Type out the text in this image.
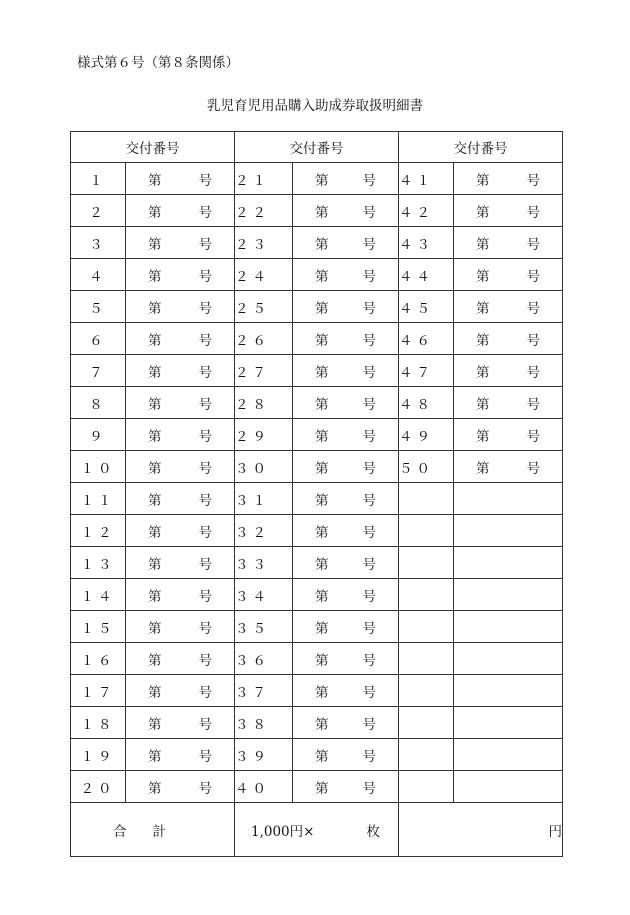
様式第６号（第８条関係）
乳児育児用品購入助成券取扱明細書
交付番号		交付番号		交付番号	
１	第 号	２１	第 号	４１	第 号

２	第 号	２２	第 号	４２	第 号

３	第 号	２３	第 号	４３	第 号

４	第 号	２４	第 号	４４	第 号

５	第 号	２５	第 号	４５	第 号

６	第 号	２６	第 号	４６	第 号

７	第 号	２７	第 号	４７	第 号

８	第 号	２８	第 号	４８	第 号

９	第 号	２９	第 号	４９	第 号

１０	第 号	３０	第 号	５０	第 号

１１	第 号	３１	第 号		

１２	第 号	３２	第 号		

１３	第 号	３３	第 号		

１４	第 号	３４	第 号		

１５	第 号	３５	第 号		

１６	第 号	３６	第 号		

１７	第 号	３７	第 号		

１８	第 号	３８	第 号		

１９	第 号	３９	第 号		

２０	第 号	４０	第 号		

合計		1,000円× 枚		円	
